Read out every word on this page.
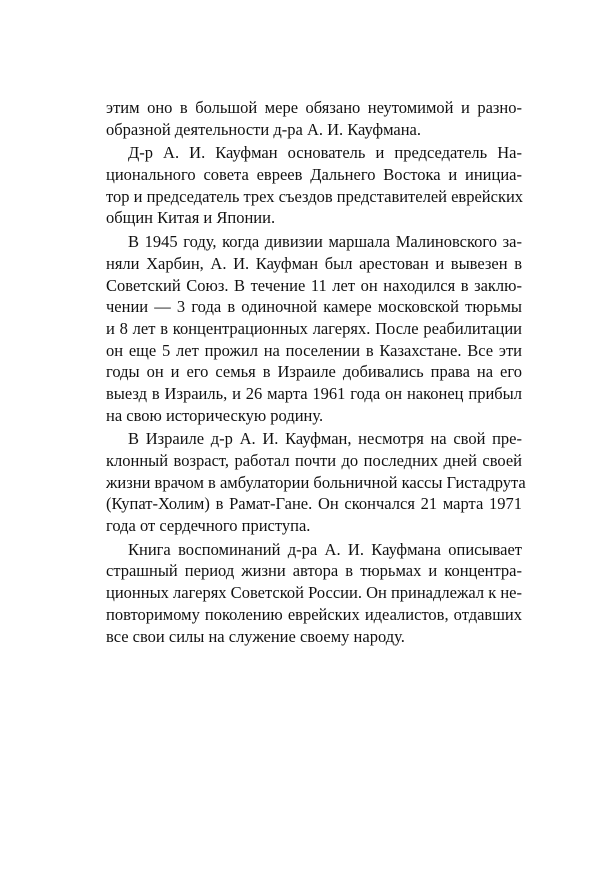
этим оно в большой мере обязано неутомимой и разно-
образной деятельности д-ра А. И. Кауфмана.
Д-р А. И. Кауфман основатель и председатель На-
ционального совета евреев Дальнего Востока и инициа-
тор и председатель трех съездов представителей еврейских
общин Китая и Японии.
В 1945 году, когда дивизии маршала Малиновского за-
няли Харбин, А. И. Кауфман был арестован и вывезен в
Советский Союз. В течение 11 лет он находился в заклю-
чении — 3 года в одиночной камере московской тюрьмы
и 8 лет в концентрационных лагерях. После реабилитации
он еще 5 лет прожил на поселении в Казахстане. Все эти
годы он и его семья в Израиле добивались права на его
выезд в Израиль, и 26 марта 1961 года он наконец прибыл
на свою историческую родину.
В Израиле д-р А. И. Кауфман, несмотря на свой пре-
клонный возраст, работал почти до последних дней своей
жизни врачом в амбулатории больничной кассы Гистадрута
(Купат-Холим) в Рамат-Гане. Он скончался 21 марта 1971
года от сердечного приступа.
Книга воспоминаний д-ра А. И. Кауфмана описывает
страшный период жизни автора в тюрьмах и концентра-
ционных лагерях Советской России. Он принадлежал к не-
повторимому поколению еврейских идеалистов, отдавших
все свои силы на служение своему народу.
